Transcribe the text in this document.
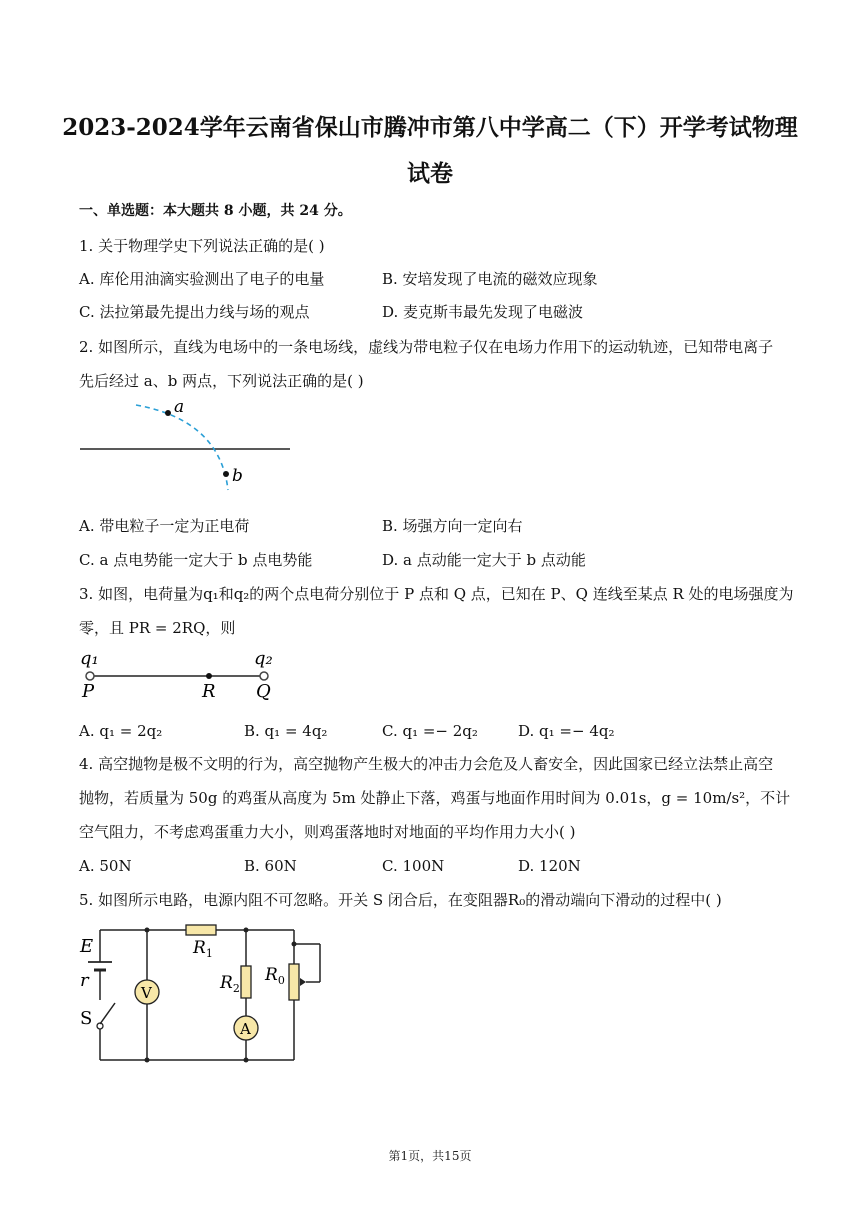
2023-2024学年云南省保山市腾冲市第八中学高二（下）开学考试物理
试卷
一、单选题：本大题共 8 小题，共 24 分。
1. 关于物理学史下列说法正确的是( )
A. 库伦用油滴实验测出了电子的电量	B. 安培发现了电流的磁效应现象
C. 法拉第最先提出力线与场的观点	D. 麦克斯韦最先发现了电磁波
2. 如图所示，直线为电场中的一条电场线，虚线为带电粒子仅在电场力作用下的运动轨迹，已知带电离子
先后经过 a、b 两点，下列说法正确的是( )
a
b
A. 带电粒子一定为正电荷	B. 场强方向一定向右
C. a 点电势能一定大于 b 点电势能	D. a 点动能一定大于 b 点动能
3. 如图，电荷量为q₁和q₂的两个点电荷分别位于 P 点和 Q 点，已知在 P、Q 连线至某点 R 处的电场强度为
零，且 PR = 2RQ，则
q₁	q₂
P	R Q
A. q₁ = 2q₂	B. q₁ = 4q₂	C. q₁ =− 2q₂	D. q₁ =− 4q₂
4. 高空抛物是极不文明的行为，高空抛物产生极大的冲击力会危及人畜安全，因此国家已经立法禁止高空
抛物，若质量为 50g 的鸡蛋从高度为 5m 处静止下落，鸡蛋与地面作用时间为 0.01s，g = 10m/s²，不计
空气阻力，不考虑鸡蛋重力大小，则鸡蛋落地时对地面的平均作用力大小( )
A. 50N	B. 60N	C. 100N	D. 120N
5. 如图所示电路，电源内阻不可忽略。开关 S 闭合后，在变阻器R₀的滑动端向下滑动的过程中( )
V
A
E
r
S
$R_1$
$R_2$
$R_0$
第1页，共15页
